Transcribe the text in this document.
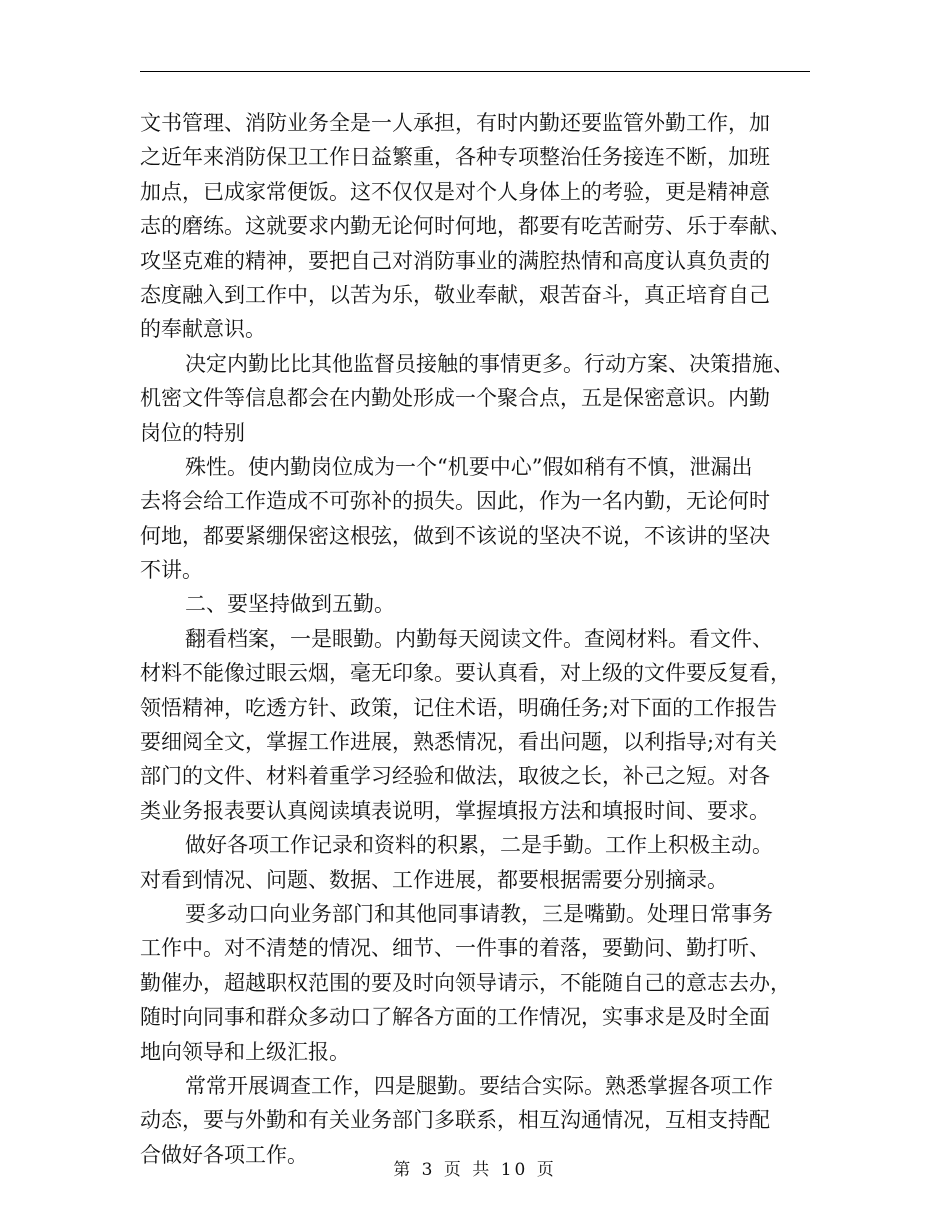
文书管理、消防业务全是一人承担，有时内勤还要监管外勤工作，加
之近年来消防保卫工作日益繁重，各种专项整治任务接连不断，加班
加点，已成家常便饭。这不仅仅是对个人身体上的考验，更是精神意
志的磨练。这就要求内勤无论何时何地，都要有吃苦耐劳、乐于奉献、
攻坚克难的精神，要把自己对消防事业的满腔热情和高度认真负责的
态度融入到工作中，以苦为乐，敬业奉献，艰苦奋斗，真正培育自己
的奉献意识。
决定内勤比比其他监督员接触的事情更多。行动方案、决策措施、
机密文件等信息都会在内勤处形成一个聚合点，五是保密意识。内勤
岗位的特别
殊性。使内勤岗位成为一个“机要中心”假如稍有不慎，泄漏出
去将会给工作造成不可弥补的损失。因此，作为一名内勤，无论何时
何地，都要紧绷保密这根弦，做到不该说的坚决不说，不该讲的坚决
不讲。
二、要坚持做到五勤。
翻看档案，一是眼勤。内勤每天阅读文件。查阅材料。看文件、
材料不能像过眼云烟，毫无印象。要认真看，对上级的文件要反复看，
领悟精神，吃透方针、政策，记住术语，明确任务;对下面的工作报告
要细阅全文，掌握工作进展，熟悉情况，看出问题，以利指导;对有关
部门的文件、材料着重学习经验和做法，取彼之长，补己之短。对各
类业务报表要认真阅读填表说明，掌握填报方法和填报时间、要求。
做好各项工作记录和资料的积累，二是手勤。工作上积极主动。
对看到情况、问题、数据、工作进展，都要根据需要分别摘录。
要多动口向业务部门和其他同事请教，三是嘴勤。处理日常事务
工作中。对不清楚的情况、细节、一件事的着落，要勤问、勤打听、
勤催办，超越职权范围的要及时向领导请示，不能随自己的意志去办，
随时向同事和群众多动口了解各方面的工作情况，实事求是及时全面
地向领导和上级汇报。
常常开展调查工作，四是腿勤。要结合实际。熟悉掌握各项工作
动态，要与外勤和有关业务部门多联系，相互沟通情况，互相支持配
合做好各项工作。
第 3 页 共 10 页
